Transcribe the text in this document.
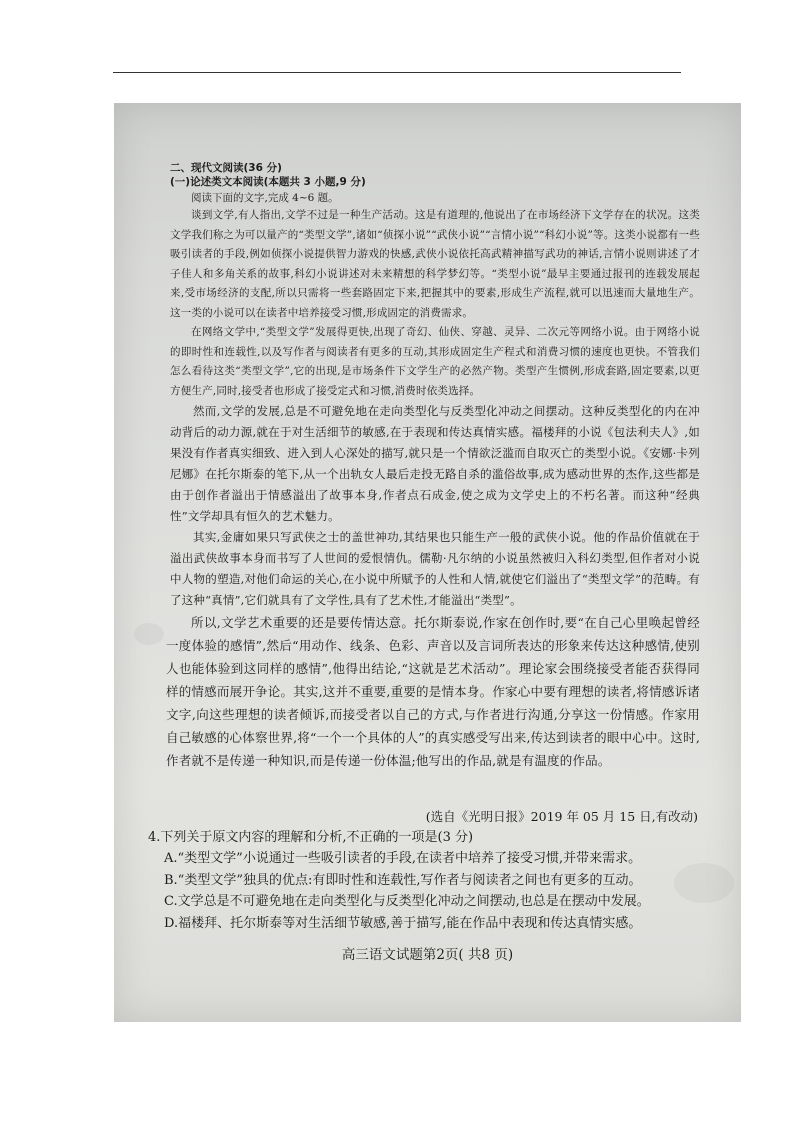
二、现代文阅读(36 分)

(一)论述类文本阅读(本题共 3 小题,9 分)

阅读下面的文字,完成 4~6 题。

谈到文学,有人指出,文学不过是一种生产活动。这是有道理的,他说出了在市场经济下文学存在的状况。这类文学我们称之为可以量产的“类型文学”,诸如“侦探小说”“武侠小说”“言情小说”“科幻小说”等。这类小说都有一些吸引读者的手段,例如侦探小说提供智力游戏的快感,武侠小说依托高武精神描写武功的神话,言情小说则讲述了才子佳人和多角关系的故事,科幻小说讲述对未来精想的科学梦幻等。“类型小说”最早主要通过报刊的连载发展起来,受市场经济的支配,所以只需将一些套路固定下来,把握其中的要素,形成生产流程,就可以迅速而大量地生产。这一类的小说可以在读者中培养接受习惯,形成固定的消费需求。

在网络文学中,“类型文学”发展得更快,出现了奇幻、仙侠、穿越、灵异、二次元等网络小说。由于网络小说的即时性和连载性,以及写作者与阅读者有更多的互动,其形成固定生产程式和消费习惯的速度也更快。不管我们怎么看待这类“类型文学”,它的出现,是市场条件下文学生产的必然产物。类型产生惯例,形成套路,固定要素,以更方便生产,同时,接受者也形成了接受定式和习惯,消费时依类选择。

然而,文学的发展,总是不可避免地在走向类型化与反类型化冲动之间摆动。这种反类型化的内在冲动背后的动力源,就在于对生活细节的敏感,在于表现和传达真情实感。福楼拜的小说《包法利夫人》,如果没有作者真实细致、进入到人心深处的描写,就只是一个情欲泛滥而自取灭亡的类型小说。《安娜·卡列尼娜》在托尔斯泰的笔下,从一个出轨女人最后走投无路自杀的滥俗故事,成为感动世界的杰作,这些都是由于创作者溢出于情感溢出了故事本身,作者点石成金,使之成为文学史上的不朽名著。而这种“经典性”文学却具有恒久的艺术魅力。

其实,金庸如果只写武侠之士的盖世神功,其结果也只能生产一般的武侠小说。他的作品价值就在于溢出武侠故事本身而书写了人世间的爱恨情仇。儒勒·凡尔纳的小说虽然被归入科幻类型,但作者对小说中人物的塑造,对他们命运的关心,在小说中所赋予的人性和人情,就使它们溢出了“类型文学”的范畴。有了这种“真情”,它们就具有了文学性,具有了艺术性,才能溢出“类型”。

所以,文学艺术重要的还是要传情达意。托尔斯泰说,作家在创作时,要“在自己心里唤起曾经一度体验的感情”,然后“用动作、线条、色彩、声音以及言词所表达的形象来传达这种感情,使别人也能体验到这同样的感情”,他得出结论,“这就是艺术活动”。理论家会围绕接受者能否获得同样的情感而展开争论。其实,这并不重要,重要的是情本身。作家心中要有理想的读者,将情感诉诸文字,向这些理想的读者倾诉,而接受者以自己的方式,与作者进行沟通,分享这一份情感。作家用自己敏感的心体察世界,将“一个一个具体的人”的真实感受写出来,传达到读者的眼中心中。这时,作者就不是传递一种知识,而是传递一份体温;他写出的作品,就是有温度的作品。

(选自《光明日报》2019 年 05 月 15 日,有改动)

4.下列关于原文内容的理解和分析,不正确的一项是(3 分)

A.“类型文学”小说通过一些吸引读者的手段,在读者中培养了接受习惯,并带来需求。

B.“类型文学”独具的优点:有即时性和连载性,写作者与阅读者之间也有更多的互动。

C.文学总是不可避免地在走向类型化与反类型化冲动之间摆动,也总是在摆动中发展。

D.福楼拜、托尔斯泰等对生活细节敏感,善于描写,能在作品中表现和传达真情实感。

高三语文试题第2页( 共8 页)
